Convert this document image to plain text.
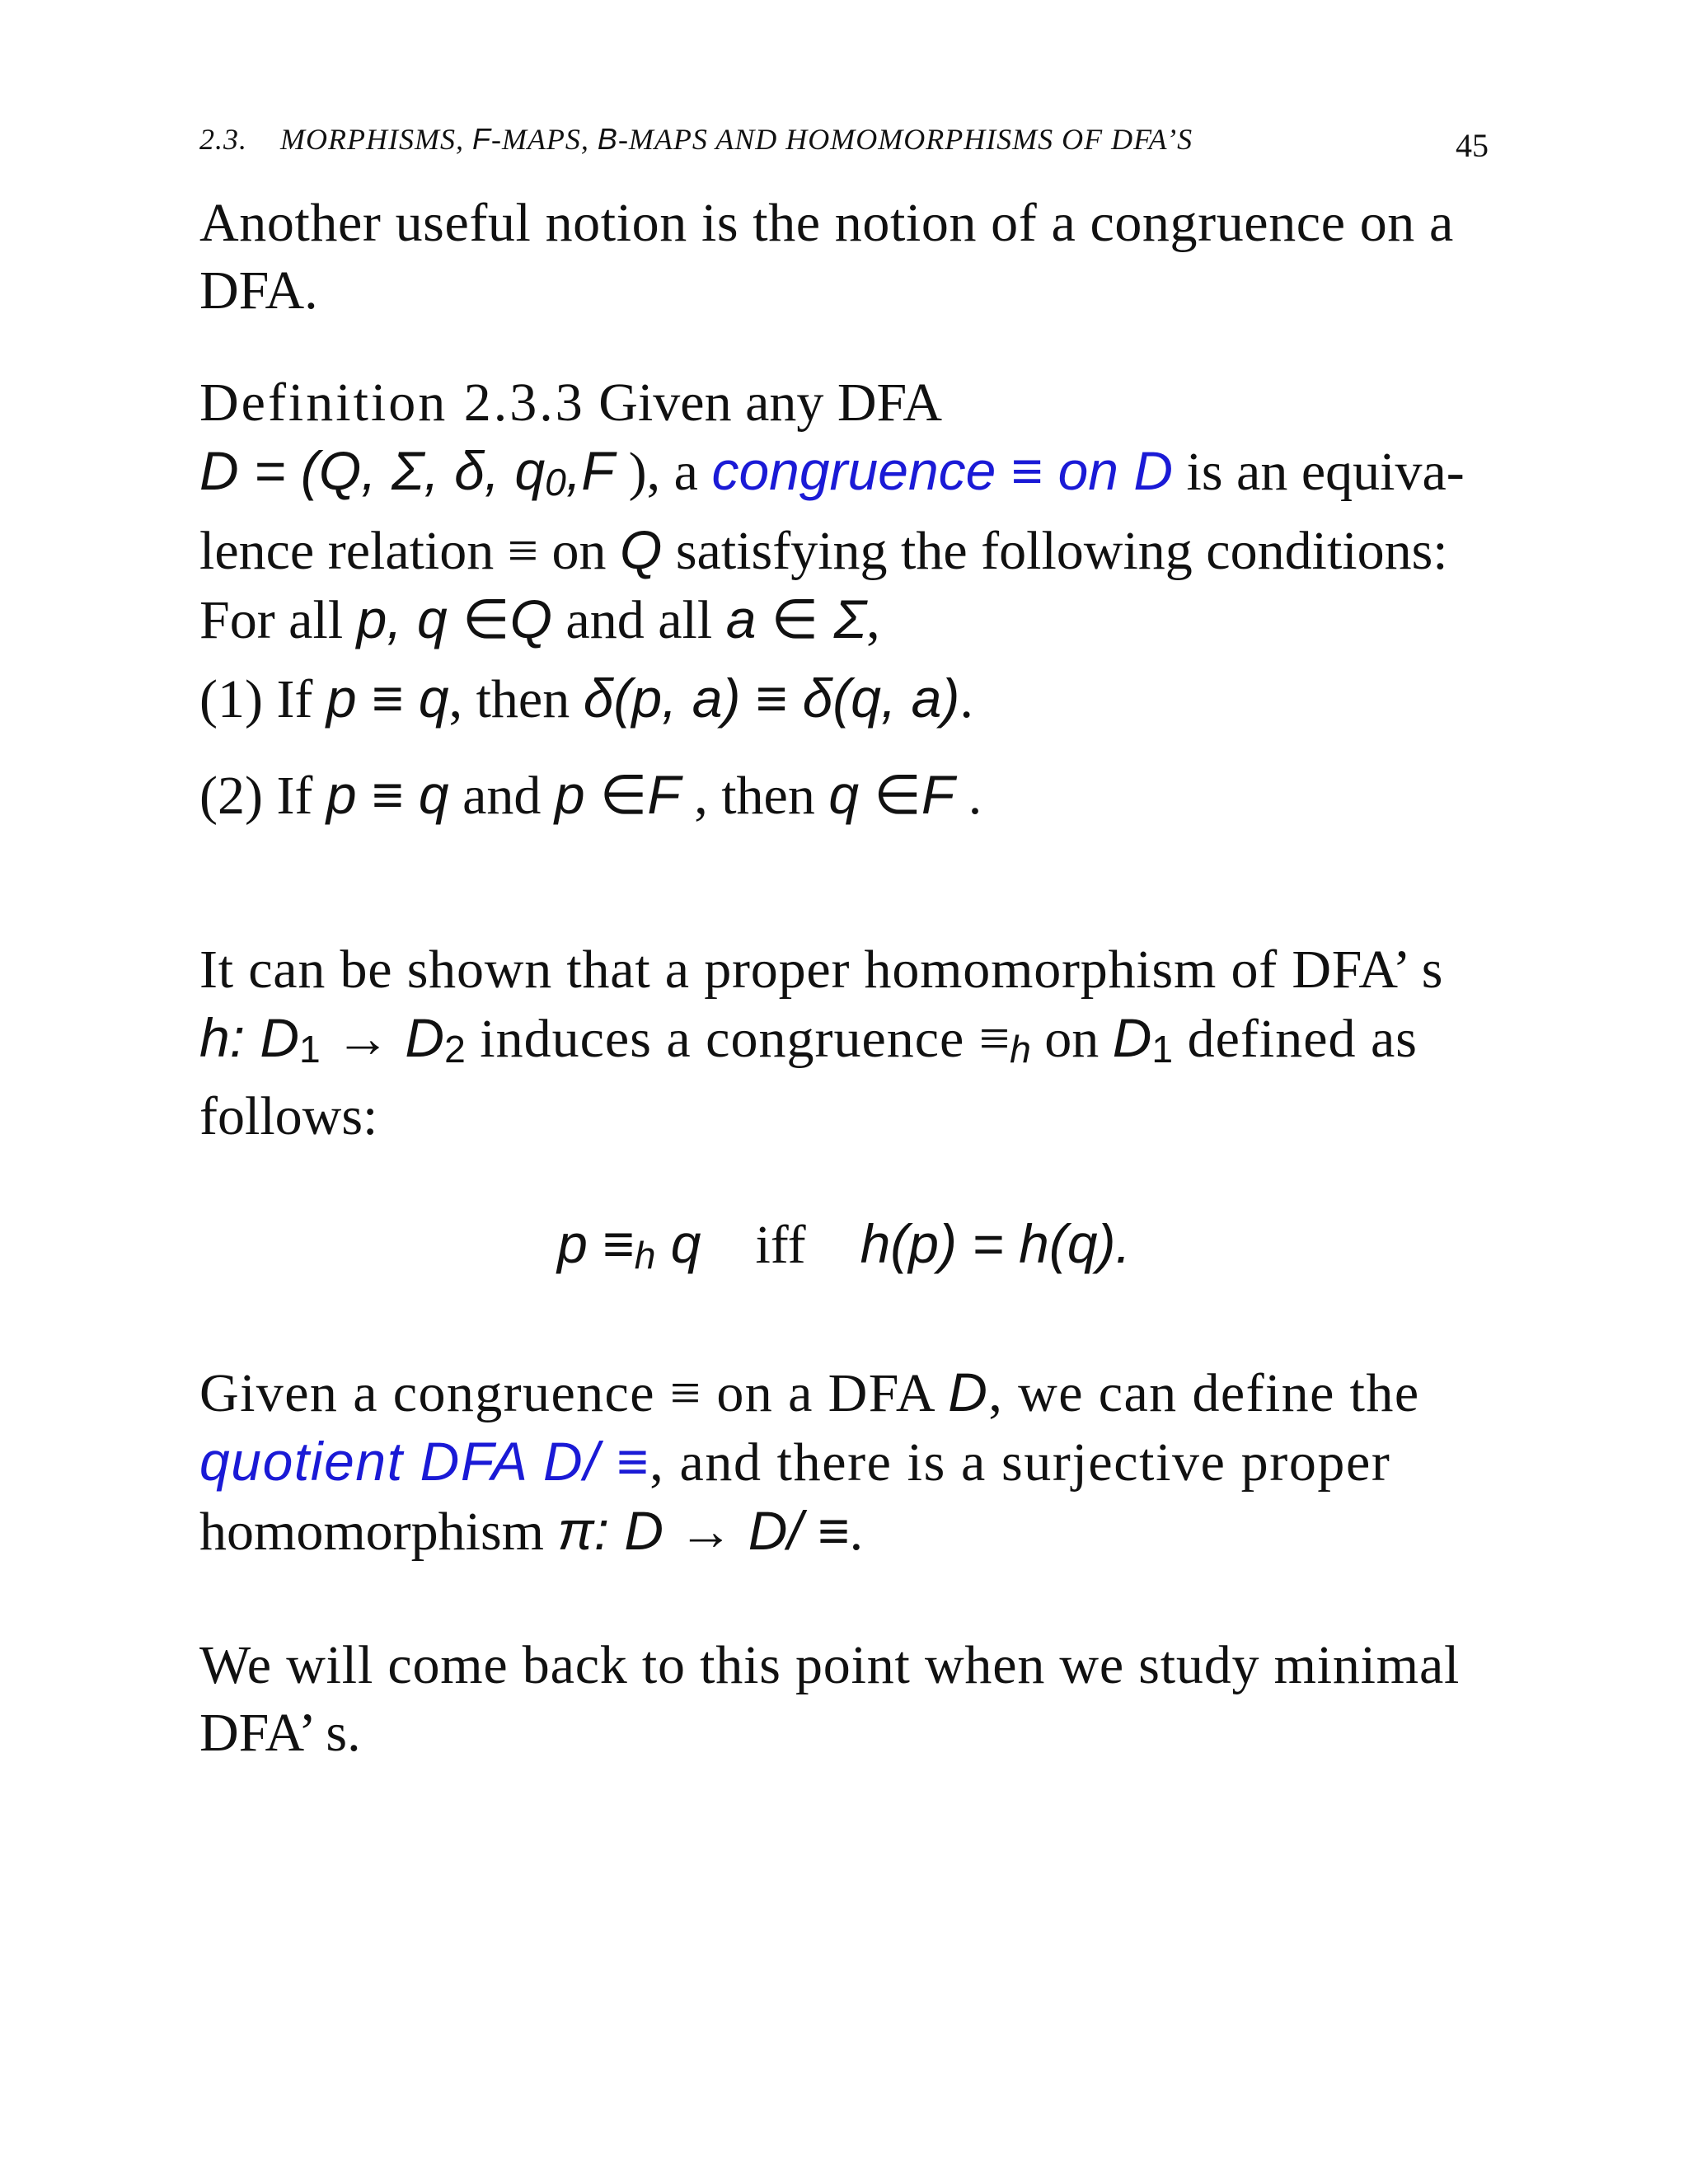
2.3. MORPHISMS, F-MAPS, B-MAPS AND HOMOMORPHISMS OF DFA’S	45
Another useful notion is the notion of a congruence on a
DFA.
Definition 2.3.3 Given any DFA
D = (Q, Σ, δ, q0,F ), a congruence ≡ on D is an equiva-
lence relation ≡ on Q satisfying the following conditions:
For all p, q ∈Q and all a ∈ Σ,
(1) If p ≡ q, then δ(p, a) ≡ δ(q, a).
(2) If p ≡ q and p ∈F , then q ∈F .
It can be shown that a proper homomorphism of DFA’ s
h: D1 → D2 induces a congruence ≡h on D1 defined as
follows:
p ≡h q iff h(p) = h(q).
Given a congruence ≡ on a DFA D, we can define the
quotient DFA D/ ≡, and there is a surjective proper
homomorphism π: D → D/ ≡.
We will come back to this point when we study minimal
DFA’ s.
